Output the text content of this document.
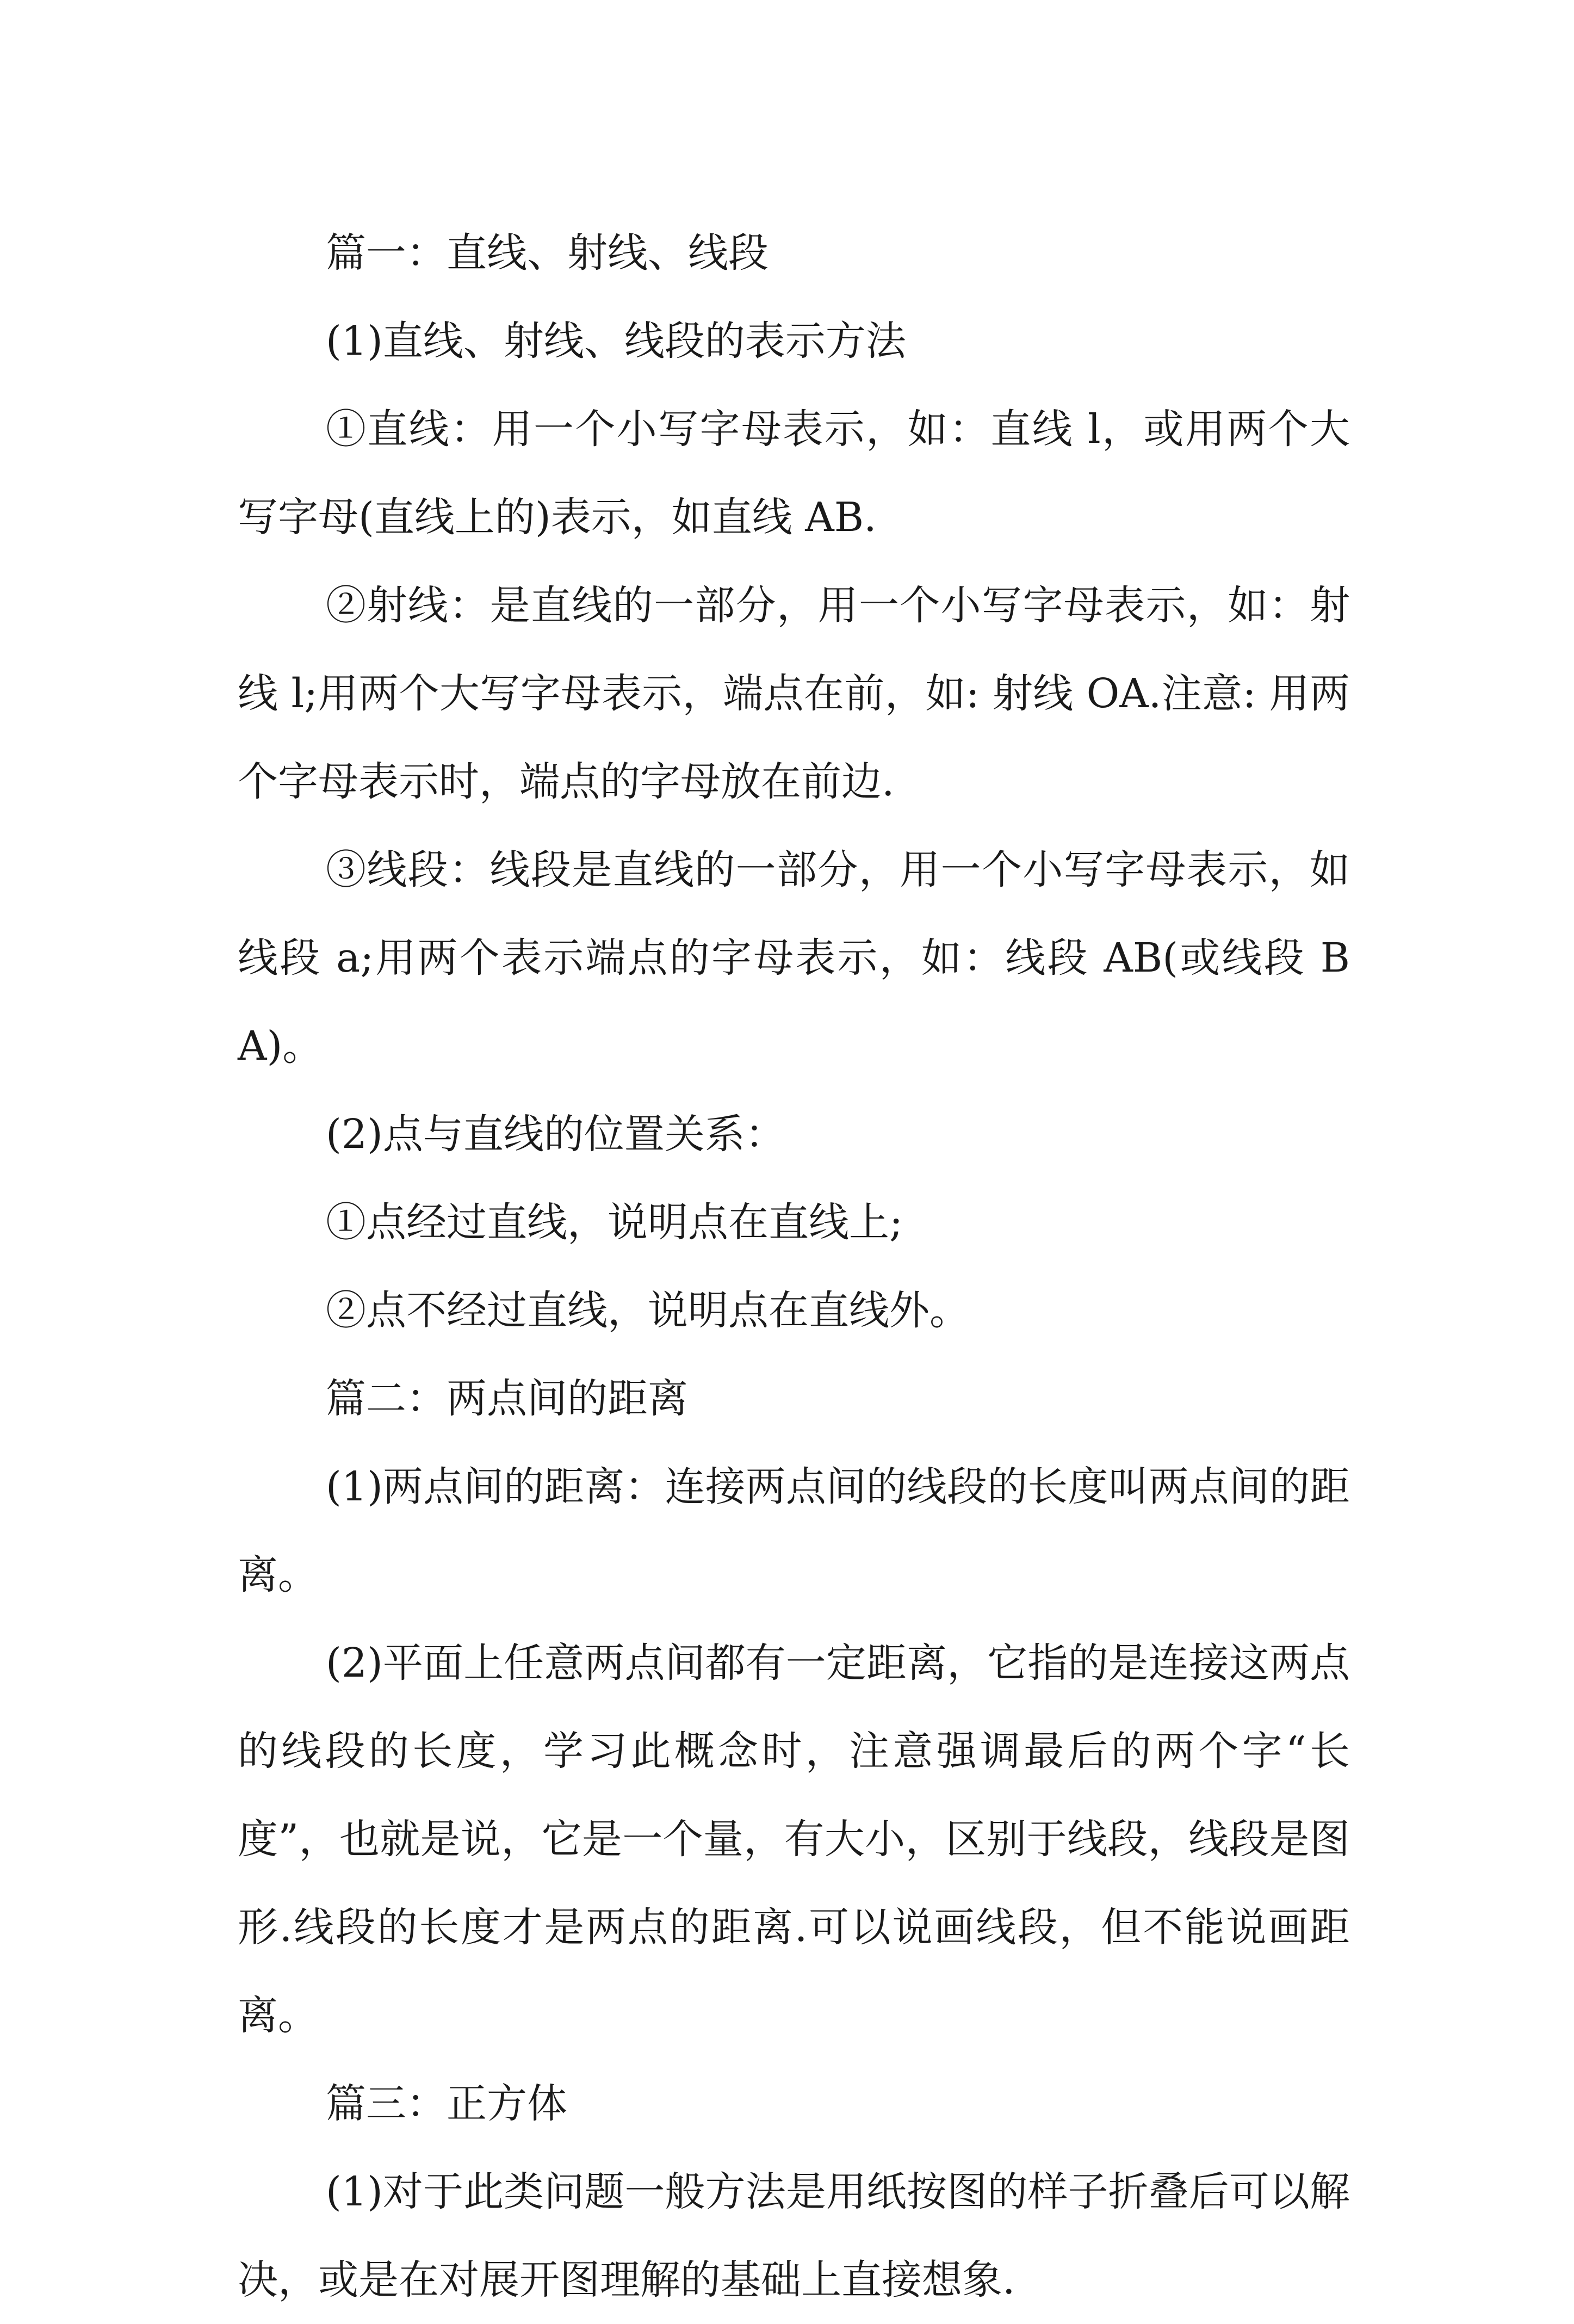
篇一：直线、射线、线段

(1)直线、射线、线段的表示方法

①直线：用一个小写字母表示，如：直线 l，或用两个大写字母(直线上的)表示，如直线 AB.

②射线：是直线的一部分，用一个小写字母表示，如：射线 l;用两个大写字母表示，端点在前，如: 射线 OA.注意: 用两个字母表示时，端点的字母放在前边.

③线段：线段是直线的一部分，用一个小写字母表示，如线段 a;用两个表示端点的字母表示，如：线段 AB(或线段 BA)。

(2)点与直线的位置关系：

①点经过直线，说明点在直线上;

②点不经过直线，说明点在直线外。

篇二：两点间的距离

(1)两点间的距离：连接两点间的线段的长度叫两点间的距离。

(2)平面上任意两点间都有一定距离，它指的是连接这两点的线段的长度，学习此概念时，注意强调最后的两个字“长度”，也就是说，它是一个量，有大小，区别于线段，线段是图形.线段的长度才是两点的距离.可以说画线段，但不能说画距离。

篇三：正方体

(1)对于此类问题一般方法是用纸按图的样子折叠后可以解决，或是在对展开图理解的基础上直接想象.
